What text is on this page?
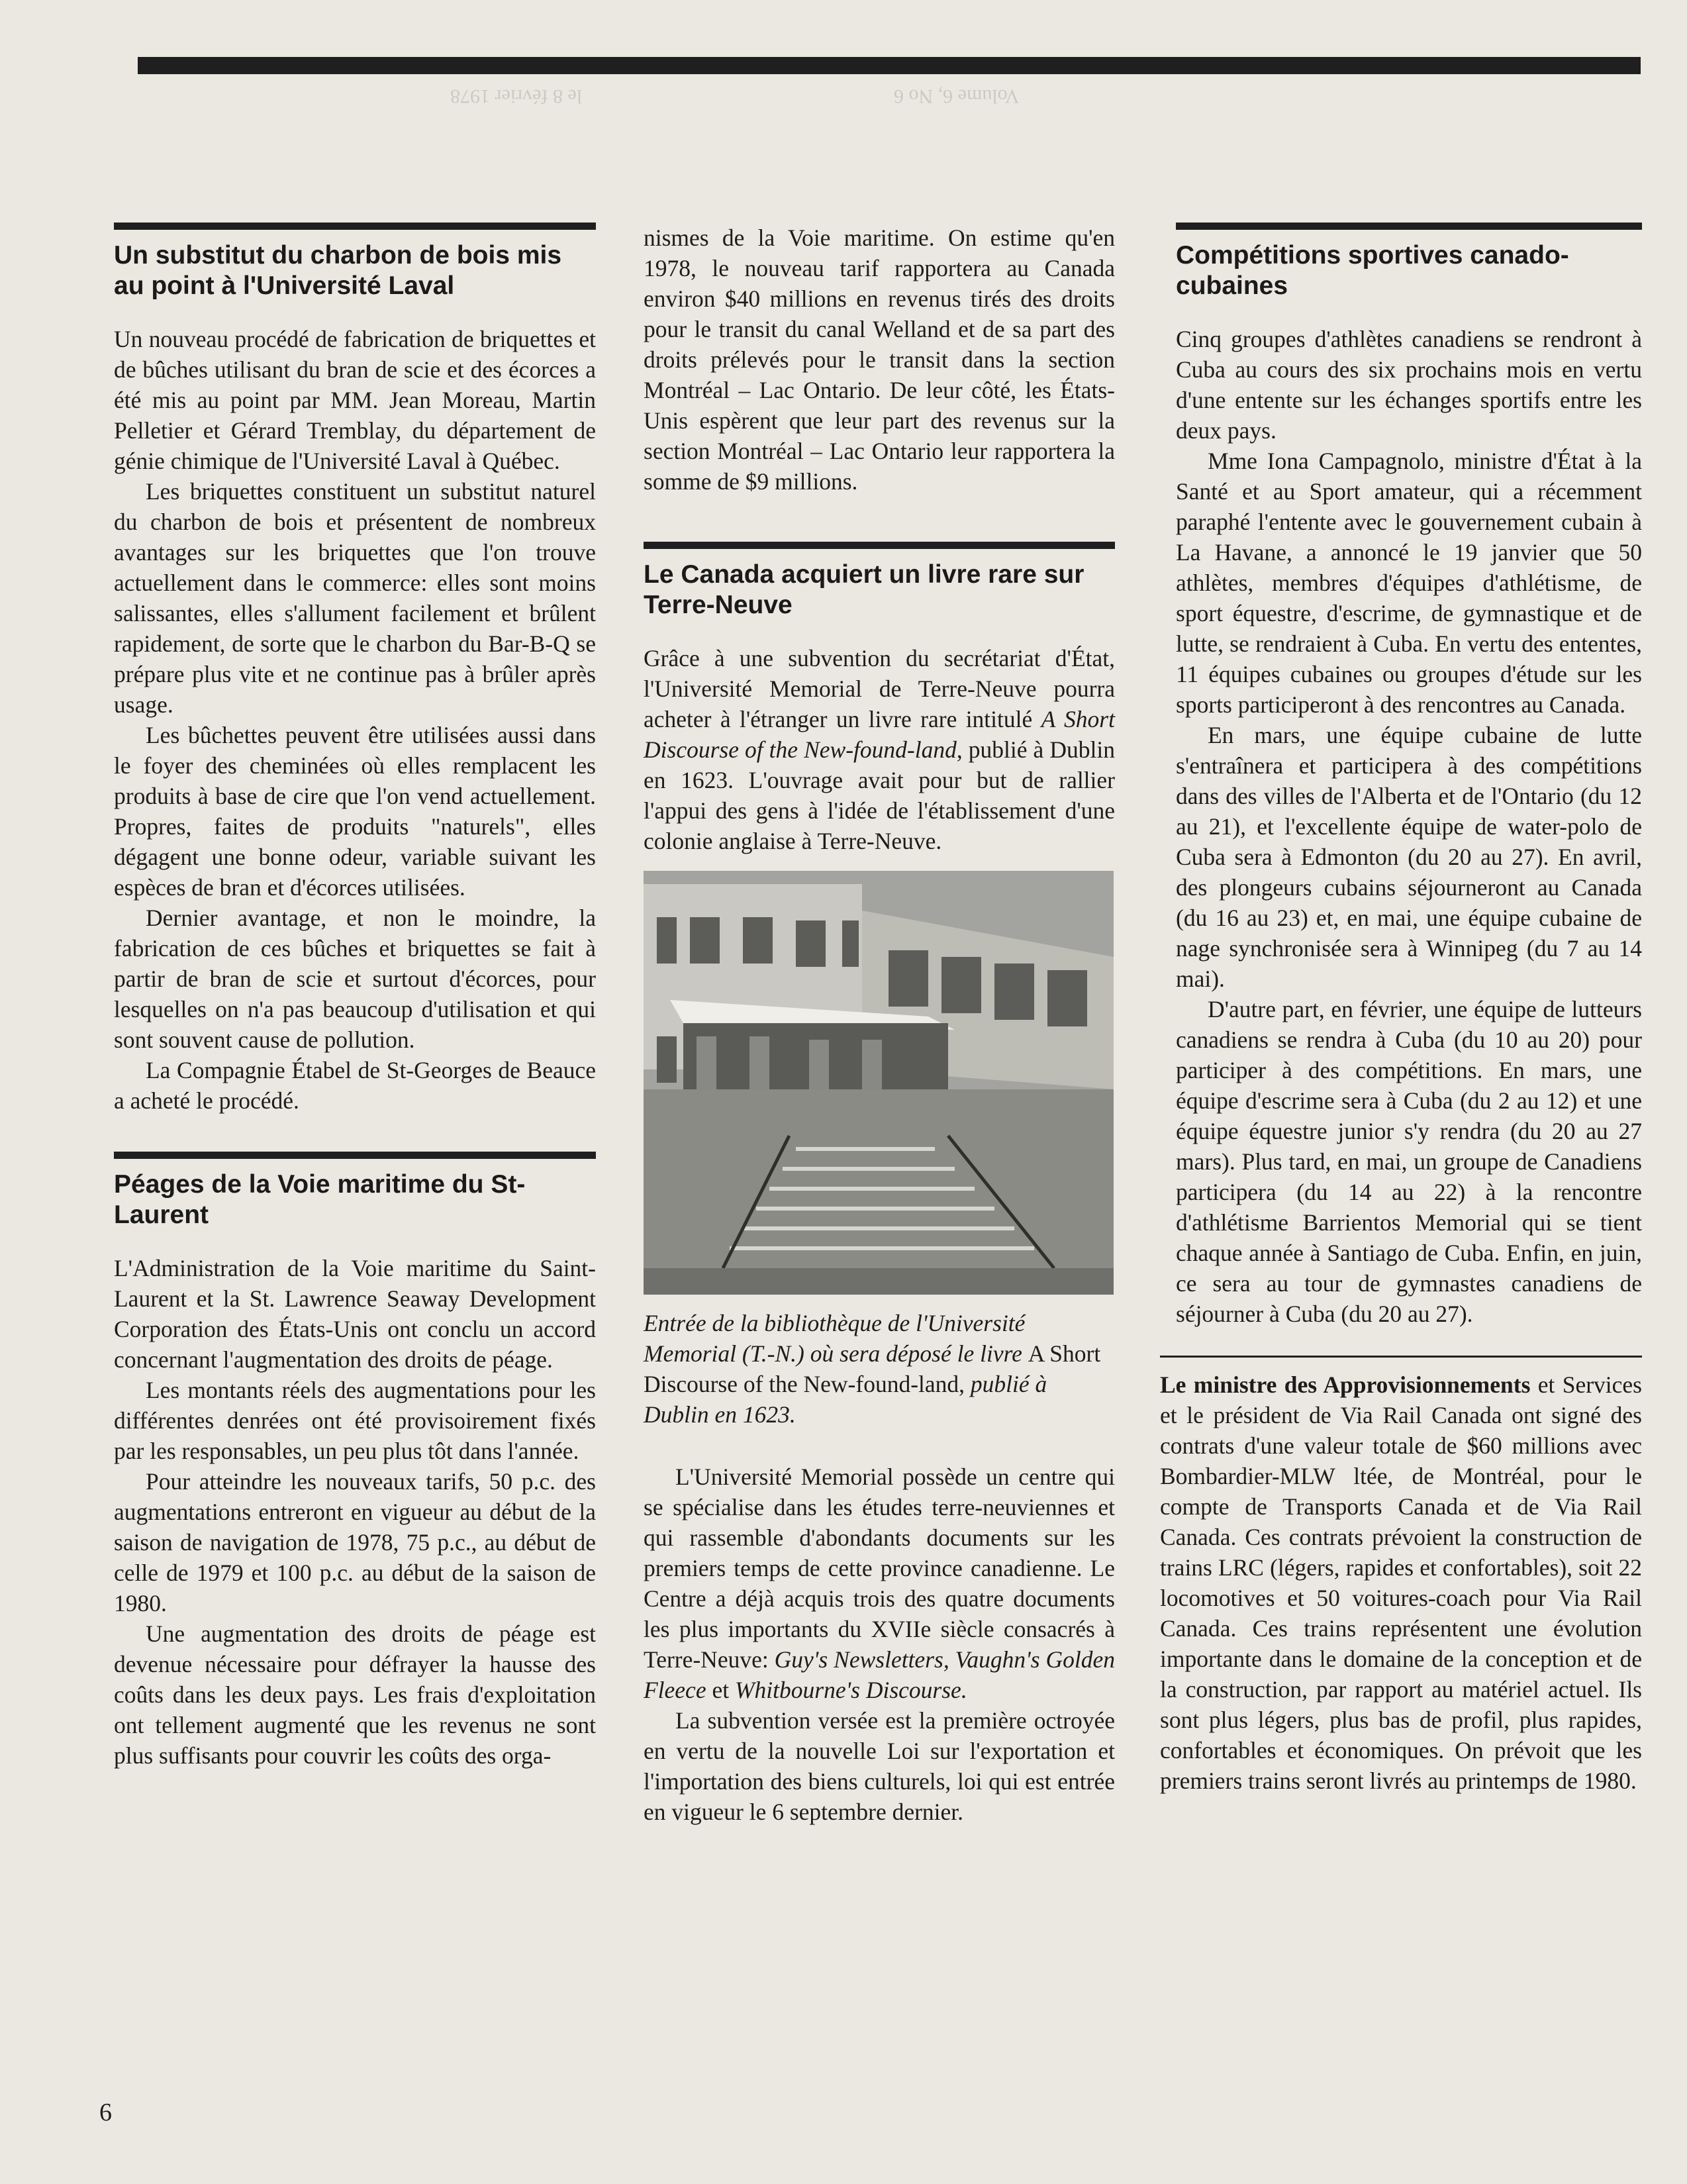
Volume 6, No 6
le 8 février 1978
Un substitut du charbon de bois mis au point à l'Université Laval

Un nouveau procédé de fabrication de briquettes et de bûches utilisant du bran de scie et des écorces a été mis au point par MM. Jean Moreau, Martin Pelletier et Gérard Tremblay, du département de génie chimique de l'Université Laval à Québec.

Les briquettes constituent un substitut naturel du charbon de bois et présentent de nombreux avantages sur les briquettes que l'on trouve actuellement dans le commerce: elles sont moins salissantes, elles s'allument facilement et brûlent rapidement, de sorte que le charbon du Bar-B-Q se prépare plus vite et ne continue pas à brûler après usage.

Les bûchettes peuvent être utilisées aussi dans le foyer des cheminées où elles remplacent les produits à base de cire que l'on vend actuellement. Propres, faites de produits "naturels", elles dégagent une bonne odeur, variable suivant les espèces de bran et d'écorces utilisées.

Dernier avantage, et non le moindre, la fabrication de ces bûches et briquettes se fait à partir de bran de scie et surtout d'écorces, pour lesquelles on n'a pas beaucoup d'utilisation et qui sont souvent cause de pollution.

La Compagnie Étabel de St-Georges de Beauce a acheté le procédé.

Péages de la Voie maritime du St-Laurent

L'Administration de la Voie maritime du Saint-Laurent et la St. Lawrence Seaway Development Corporation des États-Unis ont conclu un accord concernant l'augmentation des droits de péage.

Les montants réels des augmentations pour les différentes denrées ont été provisoirement fixés par les responsables, un peu plus tôt dans l'année.

Pour atteindre les nouveaux tarifs, 50 p.c. des augmentations entreront en vigueur au début de la saison de navigation de 1978, 75 p.c., au début de celle de 1979 et 100 p.c. au début de la saison de 1980.

Une augmentation des droits de péage est devenue nécessaire pour défrayer la hausse des coûts dans les deux pays. Les frais d'exploitation ont tellement augmenté que les revenus ne sont plus suffisants pour couvrir les coûts des orga-

nismes de la Voie maritime. On estime qu'en 1978, le nouveau tarif rapportera au Canada environ $40 millions en revenus tirés des droits pour le transit du canal Welland et de sa part des droits prélevés pour le transit dans la section Montréal – Lac Ontario. De leur côté, les États-Unis espèrent que leur part des revenus sur la section Montréal – Lac Ontario leur rapportera la somme de $9 millions.

Le Canada acquiert un livre rare sur Terre-Neuve

Grâce à une subvention du secrétariat d'État, l'Université Memorial de Terre-Neuve pourra acheter à l'étranger un livre rare intitulé A Short Discourse of the New-found-land, publié à Dublin en 1623. L'ouvrage avait pour but de rallier l'appui des gens à l'idée de l'établissement d'une colonie anglaise à Terre-Neuve.

Entrée de la bibliothèque de l'Université Memorial (T.-N.) où sera déposé le livre A Short Discourse of the New-found-land, publié à Dublin en 1623.

L'Université Memorial possède un centre qui se spécialise dans les études terre-neuviennes et qui rassemble d'abondants documents sur les premiers temps de cette province canadienne. Le Centre a déjà acquis trois des quatre documents les plus importants du XVIIe siècle consacrés à Terre-Neuve: Guy's Newsletters, Vaughn's Golden Fleece et Whitbourne's Discourse.

La subvention versée est la première octroyée en vertu de la nouvelle Loi sur l'exportation et l'importation des biens culturels, loi qui est entrée en vigueur le 6 septembre dernier.

Compétitions sportives canado-cubaines

Cinq groupes d'athlètes canadiens se rendront à Cuba au cours des six prochains mois en vertu d'une entente sur les échanges sportifs entre les deux pays.

Mme Iona Campagnolo, ministre d'État à la Santé et au Sport amateur, qui a récemment paraphé l'entente avec le gouvernement cubain à La Havane, a annoncé le 19 janvier que 50 athlètes, membres d'équipes d'athlétisme, de sport équestre, d'escrime, de gymnastique et de lutte, se rendraient à Cuba. En vertu des ententes, 11 équipes cubaines ou groupes d'étude sur les sports participeront à des rencontres au Canada.

En mars, une équipe cubaine de lutte s'entraînera et participera à des compétitions dans des villes de l'Alberta et de l'Ontario (du 12 au 21), et l'excellente équipe de water-polo de Cuba sera à Edmonton (du 20 au 27). En avril, des plongeurs cubains séjourneront au Canada (du 16 au 23) et, en mai, une équipe cubaine de nage synchronisée sera à Winnipeg (du 7 au 14 mai).

D'autre part, en février, une équipe de lutteurs canadiens se rendra à Cuba (du 10 au 20) pour participer à des compétitions. En mars, une équipe d'escrime sera à Cuba (du 2 au 12) et une équipe équestre junior s'y rendra (du 20 au 27 mars). Plus tard, en mai, un groupe de Canadiens participera (du 14 au 22) à la rencontre d'athlétisme Barrientos Memorial qui se tient chaque année à Santiago de Cuba. Enfin, en juin, ce sera au tour de gymnastes canadiens de séjourner à Cuba (du 20 au 27).

Le ministre des Approvisionnements et Services et le président de Via Rail Canada ont signé des contrats d'une valeur totale de $60 millions avec Bombardier-MLW ltée, de Montréal, pour le compte de Transports Canada et de Via Rail Canada. Ces contrats prévoient la construction de trains LRC (légers, rapides et confortables), soit 22 locomotives et 50 voitures-coach pour Via Rail Canada. Ces trains représentent une évolution importante dans le domaine de la conception et de la construction, par rapport au matériel actuel. Ils sont plus légers, plus bas de profil, plus rapides, confortables et économiques. On prévoit que les premiers trains seront livrés au printemps de 1980.

6
